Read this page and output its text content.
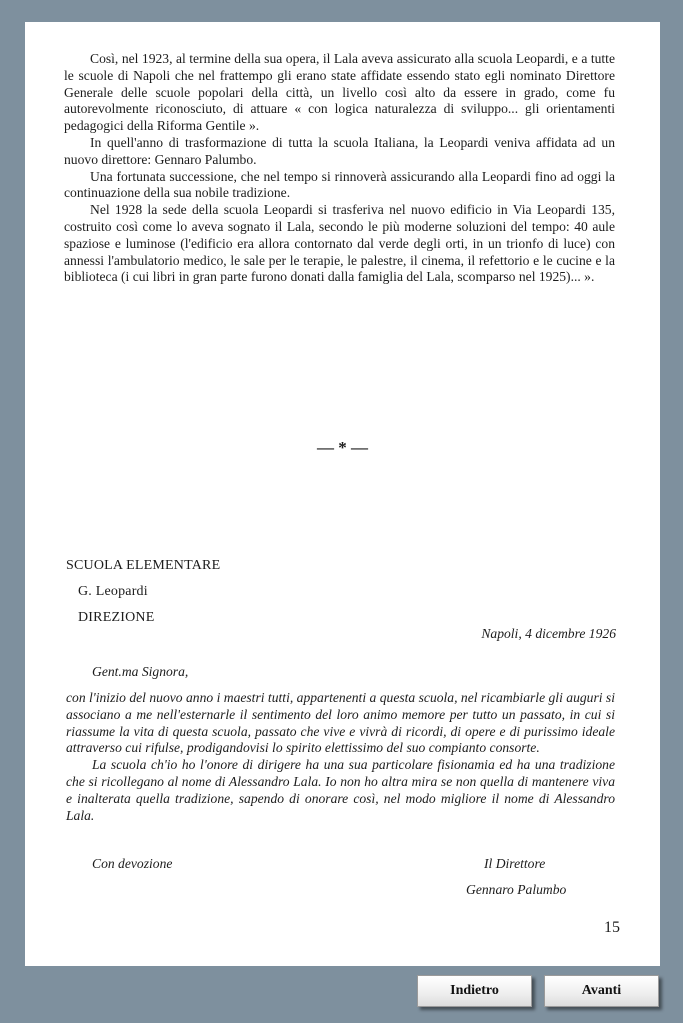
Così, nel 1923, al termine della sua opera, il Lala aveva assicurato alla scuola Leopardi, e a tutte le scuole di Napoli che nel frattempo gli erano state affidate essendo stato egli nominato Direttore Generale delle scuole popolari della città, un livello così alto da essere in grado, come fu autorevolmente riconosciuto, di attuare « con logica naturalezza di sviluppo... gli orientamenti pedagogici della Riforma Gentile ».

In quell'anno di trasformazione di tutta la scuola Italiana, la Leopardi veniva affidata ad un nuovo direttore: Gennaro Palumbo.

Una fortunata successione, che nel tempo si rinnoverà assicurando alla Leopardi fino ad oggi la continuazione della sua nobile tradizione.

Nel 1928 la sede della scuola Leopardi si trasferiva nel nuovo edificio in Via Leopardi 135, costruito così come lo aveva sognato il Lala, secondo le più moderne soluzioni del tempo: 40 aule spaziose e luminose (l'edificio era allora contornato dal verde degli orti, in un trionfo di luce) con annessi l'ambulatorio medico, le sale per le terapie, le palestre, il cinema, il refettorio e le cucine e la biblioteca (i cui libri in gran parte furono donati dalla famiglia del Lala, scomparso nel 1925)... ».

— * —
SCUOLA ELEMENTARE
G. Leopardi
DIREZIONE
Napoli, 4 dicembre 1926
Gent.ma Signora,

con l'inizio del nuovo anno i maestri tutti, appartenenti a questa scuola, nel ricambiarle gli auguri si associano a me nell'esternarle il sentimento del loro animo memore per tutto un passato, in cui si riassume la vita di questa scuola, passato che vive e vivrà di ricordi, di opere e di purissimo ideale attraverso cui rifulse, prodigandovisi lo spirito elettissimo del suo compianto consorte.

La scuola ch'io ho l'onore di dirigere ha una sua particolare fisionamia ed ha una tradizione che si ricollegano al nome di Alessandro Lala. Io non ho altra mira se non quella di mantenere viva e inalterata quella tradizione, sapendo di onorare così, nel modo migliore il nome di Alessandro Lala.

Con devozione	Il Direttore
Gennaro Palumbo
15
Indietro	Avanti
